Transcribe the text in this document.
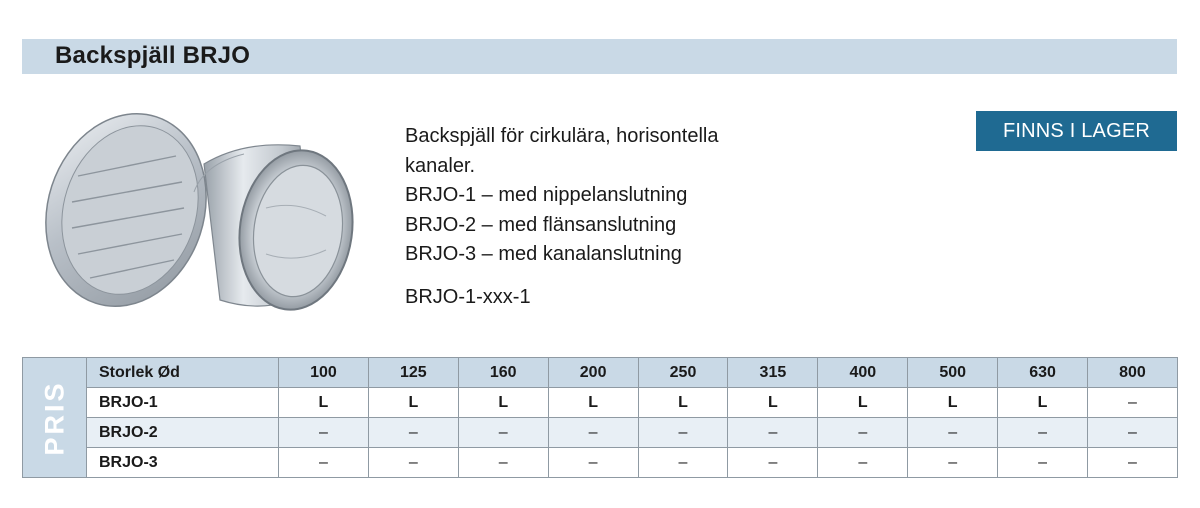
Backspjäll BRJO
Backspjäll för cirkulära, horisontella
kanaler.
BRJO-1 – med nippelanslutning
BRJO-2 – med flänsanslutning
BRJO-3 – med kanalanslutning
BRJO-1-xxx-1
FINNS I LAGER
PRIS	Storlek Ød	100	125	160	200	250	315	400	500	630	800
	BRJO-1	L	L	L	L	L	L	L	L	L	–
	BRJO-2	–	–	–	–	–	–	–	–	–	–
	BRJO-3	–	–	–	–	–	–	–	–	–	–
